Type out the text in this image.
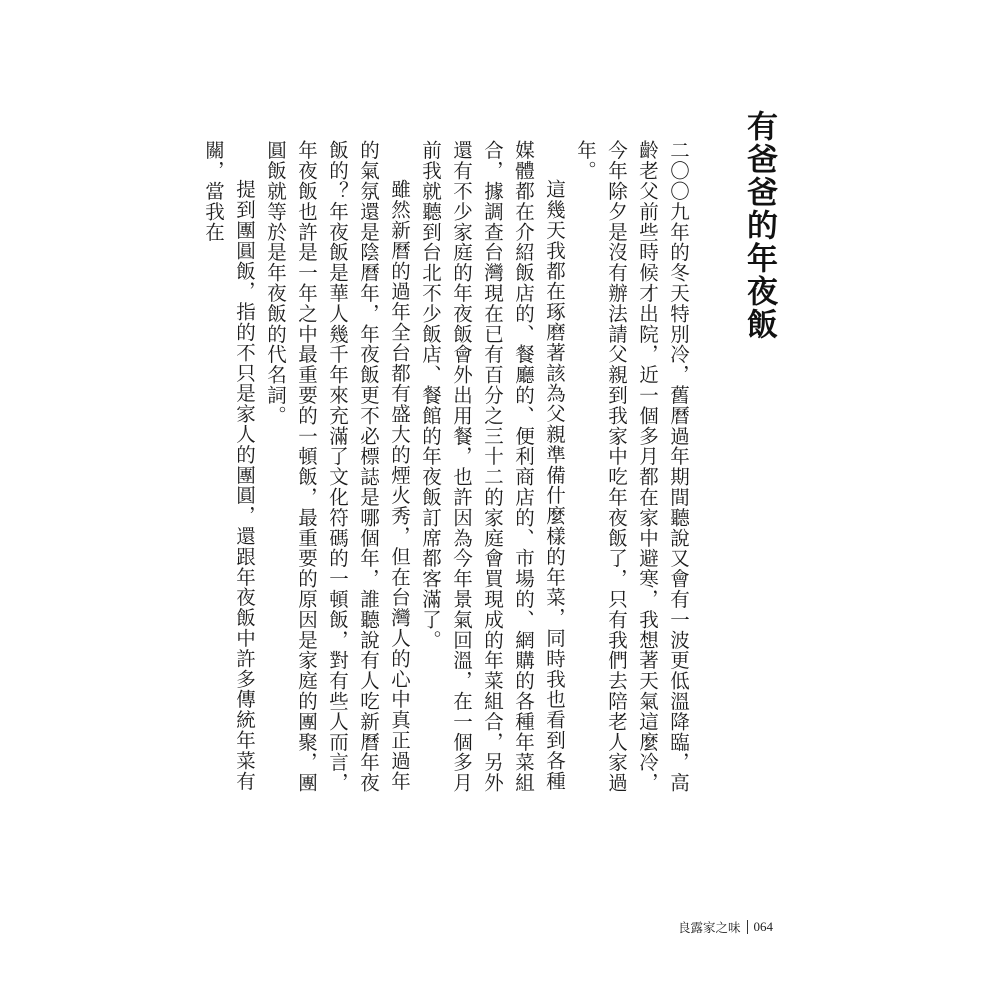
有爸爸的年夜飯

二〇〇九年的冬天特別冷，舊曆過年期間聽說又會有一波更低溫降臨，高齡老父前些時候才出院，近一個多月都在家中避寒，我想著天氣這麼冷，今年除夕是沒有辦法請父親到我家中吃年夜飯了，只有我們去陪老人家過年。

這幾天我都在琢磨著該為父親準備什麼樣的年菜，同時我也看到各種媒體都在介紹飯店的、餐廳的、便利商店的、市場的、網購的各種年菜組合，據調查台灣現在已有百分之三十二的家庭會買現成的年菜組合，另外還有不少家庭的年夜飯會外出用餐，也許因為今年景氣回溫，在一個多月前我就聽到台北不少飯店、餐館的年夜飯訂席都客滿了。

雖然新曆的過年全台都有盛大的煙火秀，但在台灣人的心中真正過年的氣氛還是陰曆年，年夜飯更不必標誌是哪個年，誰聽說有人吃新曆年夜飯的？年夜飯是華人幾千年來充滿了文化符碼的一頓飯，對有些人而言，年夜飯也許是一年之中最重要的一頓飯，最重要的原因是家庭的團聚，團圓飯就等於是年夜飯的代名詞。

提到團圓飯，指的不只是家人的團圓，還跟年夜飯中許多傳統年菜有關，當我在

良露家之味 064
